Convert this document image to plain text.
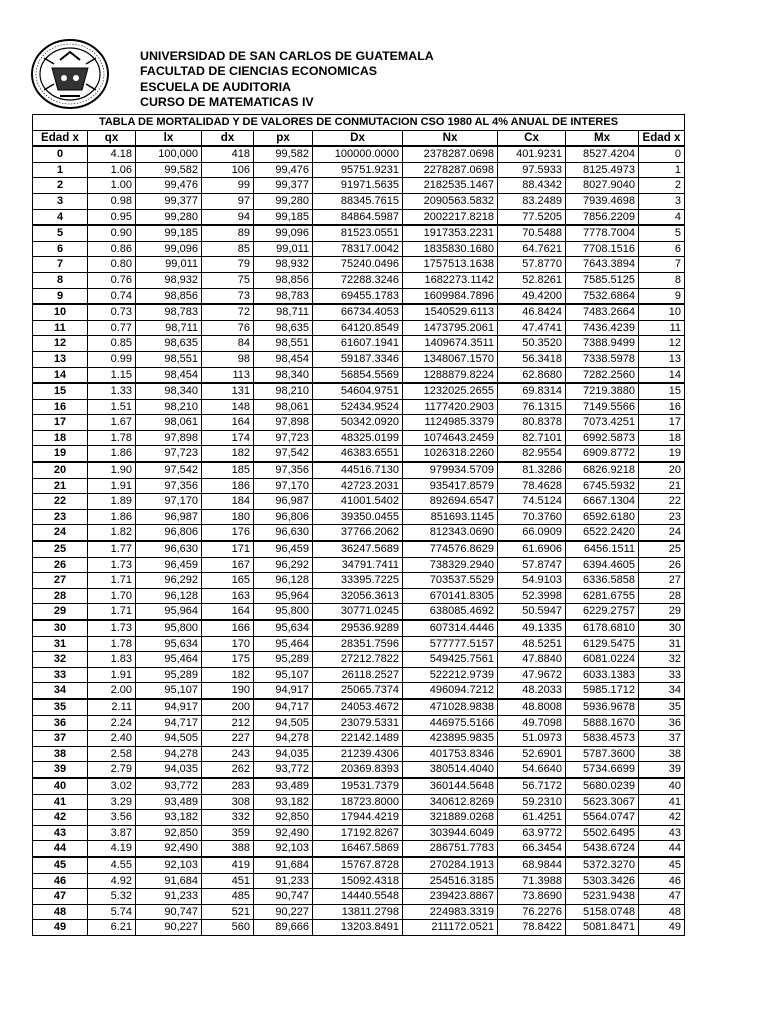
UNIVERSIDAD DE SAN CARLOS DE GUATEMALA
FACULTAD DE CIENCIAS ECONOMICAS
ESCUELA DE AUDITORIA
CURSO DE MATEMATICAS IV
TABLA DE MORTALIDAD Y DE VALORES DE CONMUTACION CSO 1980 AL 4% ANUAL DE INTERES									
Edad x	qx	lx	dx	px	Dx	Nx	Cx	Mx	Edad x
0	4.18	100,000	418	99,582	100000.0000	2378287.0698	401.9231	8527.4204	0
1	1.06	99,582	106	99,476	95751.9231	2278287.0698	97.5933	8125.4973	1
2	1.00	99,476	99	99,377	91971.5635	2182535.1467	88.4342	8027.9040	2
3	0.98	99,377	97	99,280	88345.7615	2090563.5832	83.2489	7939.4698	3
4	0.95	99,280	94	99,185	84864.5987	2002217.8218	77.5205	7856.2209	4
5	0.90	99,185	89	99,096	81523.0551	1917353.2231	70.5488	7778.7004	5
6	0.86	99,096	85	99,011	78317.0042	1835830.1680	64.7621	7708.1516	6
7	0.80	99,011	79	98,932	75240.0496	1757513.1638	57.8770	7643.3894	7
8	0.76	98,932	75	98,856	72288.3246	1682273.1142	52.8261	7585.5125	8
9	0.74	98,856	73	98,783	69455.1783	1609984.7896	49.4200	7532.6864	9
10	0.73	98,783	72	98,711	66734.4053	1540529.6113	46.8424	7483.2664	10
11	0.77	98,711	76	98,635	64120.8549	1473795.2061	47.4741	7436.4239	11
12	0.85	98,635	84	98,551	61607.1941	1409674.3511	50.3520	7388.9499	12
13	0.99	98,551	98	98,454	59187.3346	1348067.1570	56.3418	7338.5978	13
14	1.15	98,454	113	98,340	56854.5569	1288879.8224	62.8680	7282.2560	14
15	1.33	98,340	131	98,210	54604.9751	1232025.2655	69.8314	7219.3880	15
16	1.51	98,210	148	98,061	52434.9524	1177420.2903	76.1315	7149.5566	16
17	1.67	98,061	164	97,898	50342.0920	1124985.3379	80.8378	7073.4251	17
18	1.78	97,898	174	97,723	48325.0199	1074643.2459	82.7101	6992.5873	18
19	1.86	97,723	182	97,542	46383.6551	1026318.2260	82.9554	6909.8772	19
20	1.90	97,542	185	97,356	44516.7130	979934.5709	81.3286	6826.9218	20
21	1.91	97,356	186	97,170	42723.2031	935417.8579	78.4628	6745.5932	21
22	1.89	97,170	184	96,987	41001.5402	892694.6547	74.5124	6667.1304	22
23	1.86	96,987	180	96,806	39350.0455	851693.1145	70.3760	6592.6180	23
24	1.82	96,806	176	96,630	37766.2062	812343.0690	66.0909	6522.2420	24
25	1.77	96,630	171	96,459	36247.5689	774576.8629	61.6906	6456.1511	25
26	1.73	96,459	167	96,292	34791.7411	738329.2940	57.8747	6394.4605	26
27	1.71	96,292	165	96,128	33395.7225	703537.5529	54.9103	6336.5858	27
28	1.70	96,128	163	95,964	32056.3613	670141.8305	52.3998	6281.6755	28
29	1.71	95,964	164	95,800	30771.0245	638085.4692	50.5947	6229.2757	29
30	1.73	95,800	166	95,634	29536.9289	607314.4446	49.1335	6178.6810	30
31	1.78	95,634	170	95,464	28351.7596	577777.5157	48.5251	6129.5475	31
32	1.83	95,464	175	95,289	27212.7822	549425.7561	47.8840	6081.0224	32
33	1.91	95,289	182	95,107	26118.2527	522212.9739	47.9672	6033.1383	33
34	2.00	95,107	190	94,917	25065.7374	496094.7212	48.2033	5985.1712	34
35	2.11	94,917	200	94,717	24053.4672	471028.9838	48.8008	5936.9678	35
36	2.24	94,717	212	94,505	23079.5331	446975.5166	49.7098	5888.1670	36
37	2.40	94,505	227	94,278	22142.1489	423895.9835	51.0973	5838.4573	37
38	2.58	94,278	243	94,035	21239.4306	401753.8346	52.6901	5787.3600	38
39	2.79	94,035	262	93,772	20369.8393	380514.4040	54.6640	5734.6699	39
40	3.02	93,772	283	93,489	19531.7379	360144.5648	56.7172	5680.0239	40
41	3.29	93,489	308	93,182	18723.8000	340612.8269	59.2310	5623.3067	41
42	3.56	93,182	332	92,850	17944.4219	321889.0268	61.4251	5564.0747	42
43	3.87	92,850	359	92,490	17192.8267	303944.6049	63.9772	5502.6495	43
44	4.19	92,490	388	92,103	16467.5869	286751.7783	66.3454	5438.6724	44
45	4.55	92,103	419	91,684	15767.8728	270284.1913	68.9844	5372.3270	45
46	4.92	91,684	451	91,233	15092.4318	254516.3185	71.3988	5303.3426	46
47	5.32	91,233	485	90,747	14440.5548	239423.8867	73.8690	5231.9438	47
48	5.74	90,747	521	90,227	13811.2798	224983.3319	76.2276	5158.0748	48
49	6.21	90,227	560	89,666	13203.8491	211172.0521	78.8422	5081.8471	49
